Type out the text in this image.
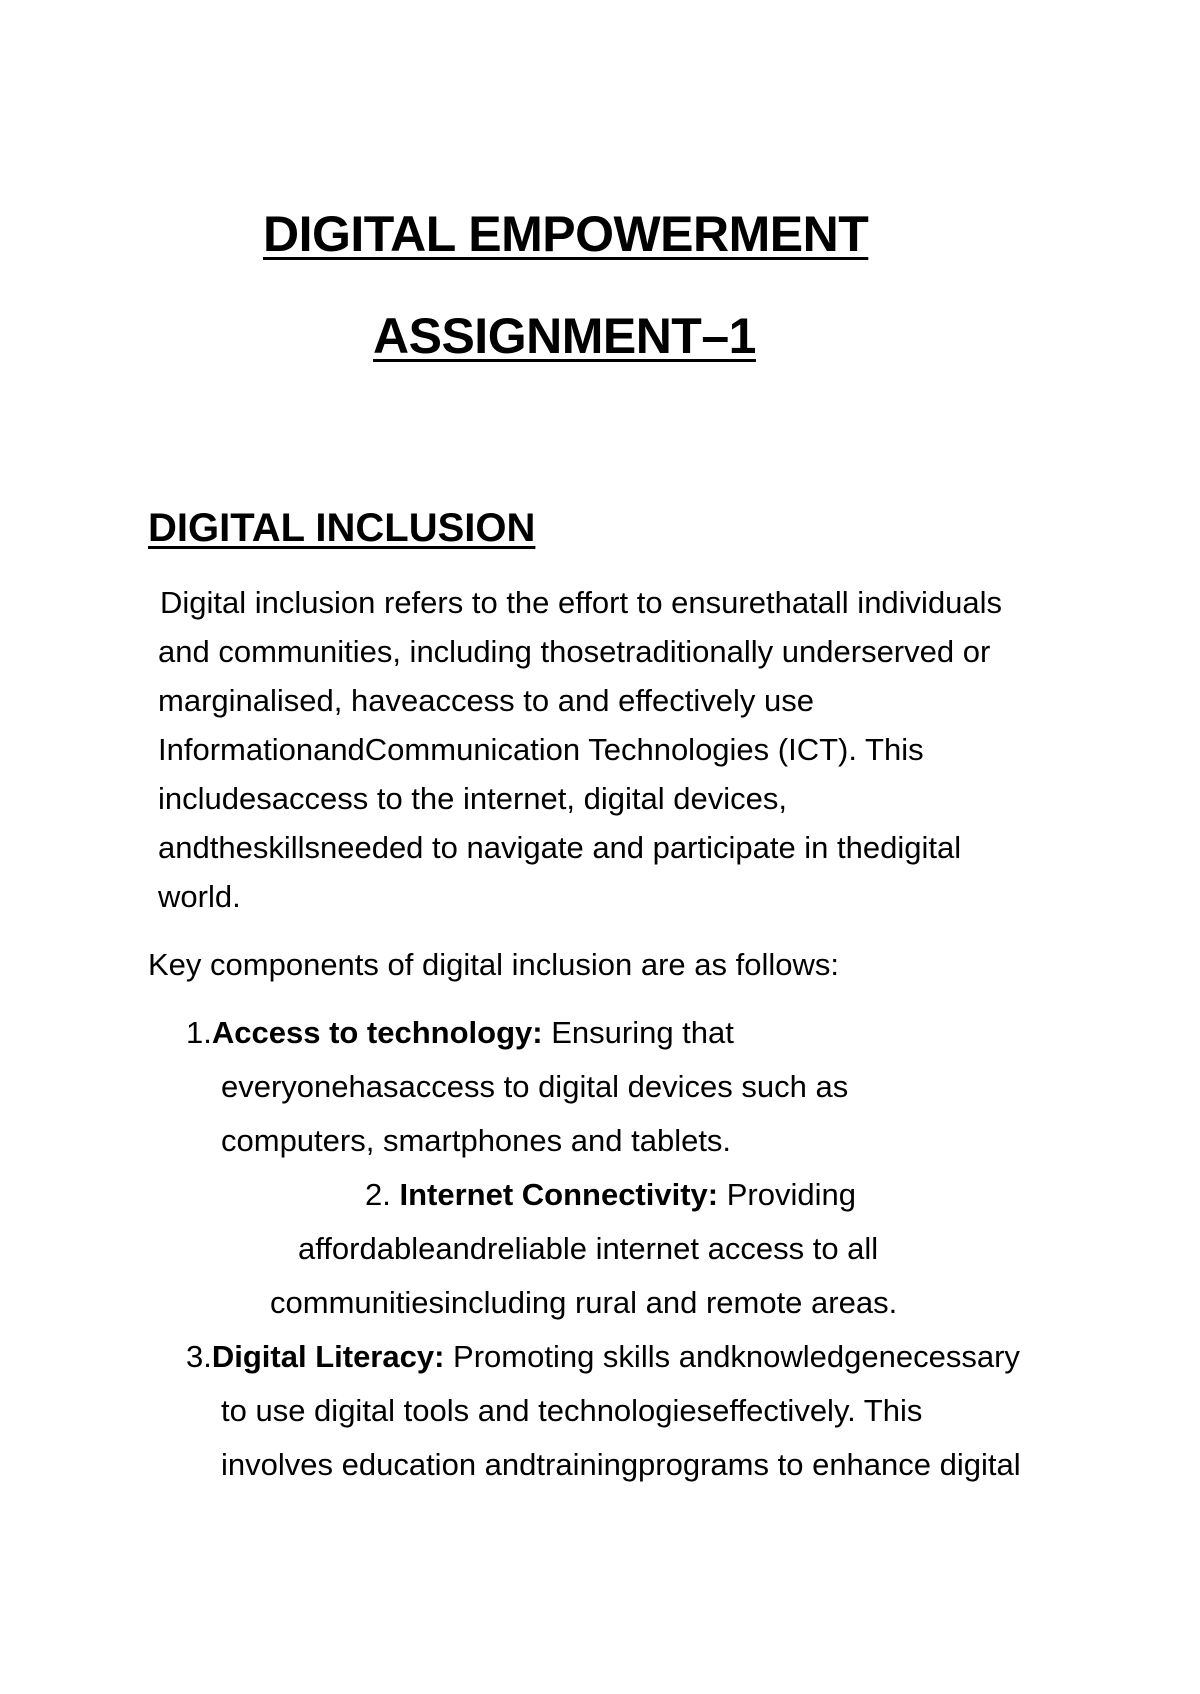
DIGITAL EMPOWERMENT
ASSIGNMENT–1
DIGITAL INCLUSION
Digital inclusion refers to the effort to ensurethatall individuals
and communities, including thosetraditionally underserved or
marginalised, haveaccess to and effectively use
InformationandCommunication Technologies (ICT). This
includesaccess to the internet, digital devices,
andtheskillsneeded to navigate and participate in thedigital
world.
Key components of digital inclusion are as follows:
1.Access to technology: Ensuring that
everyonehasaccess to digital devices such as
computers, smartphones and tablets.
2. Internet Connectivity: Providing
affordableandreliable internet access to all
communitiesincluding rural and remote areas.
3.Digital Literacy: Promoting skills andknowledgenecessary
to use digital tools and technologieseffectively. This
involves education andtrainingprograms to enhance digital
